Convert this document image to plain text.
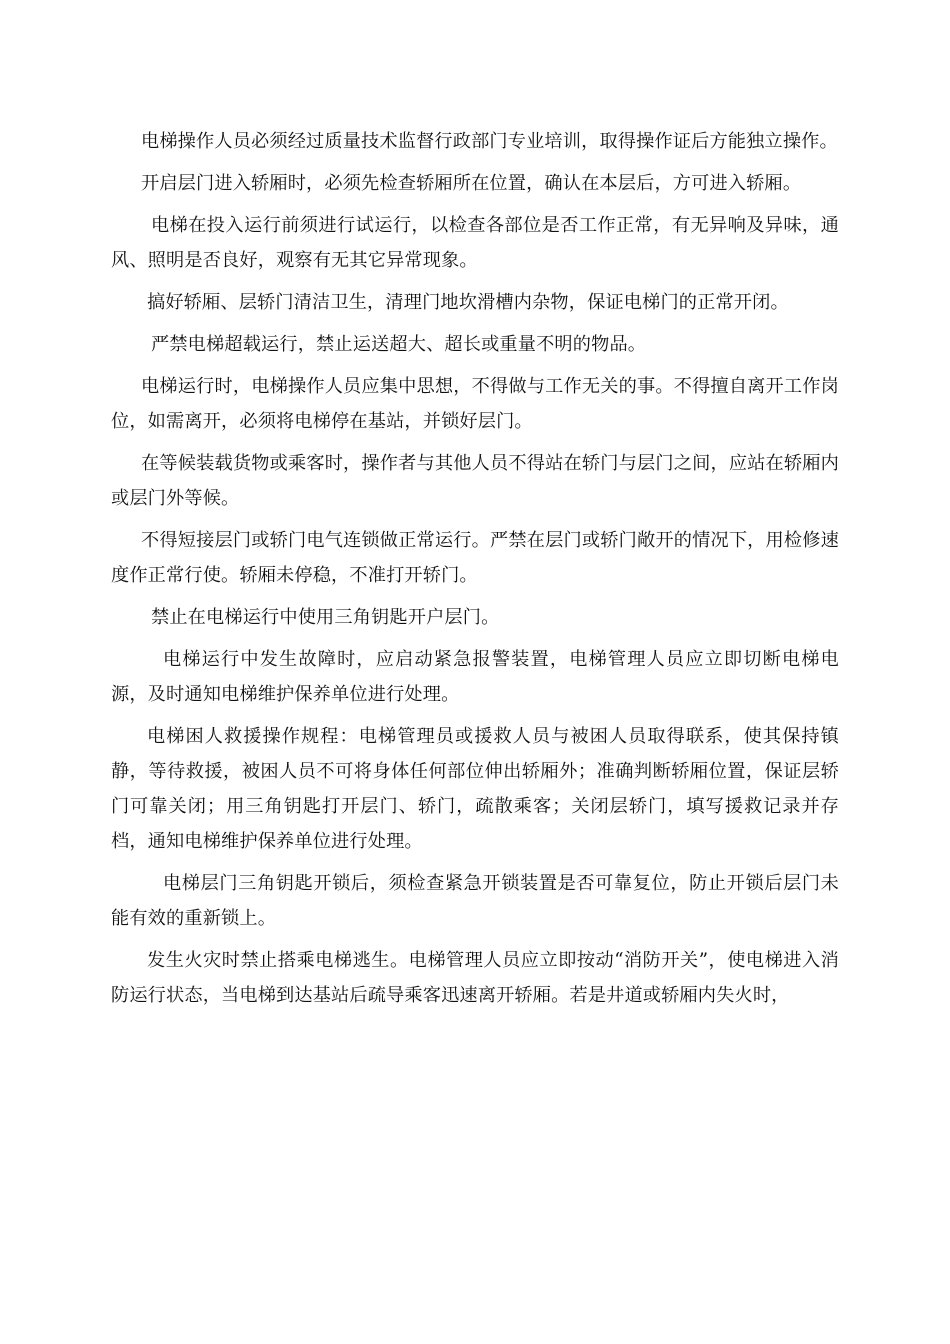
电梯操作人员必须经过质量技术监督行政部门专业培训，取得操作证后方能独立操作。

开启层门进入轿厢时，必须先检查轿厢所在位置，确认在本层后，方可进入轿厢。

电梯在投入运行前须进行试运行，以检查各部位是否工作正常，有无异响及异味，通风、照明是否良好，观察有无其它异常现象。

搞好轿厢、层轿门清洁卫生，清理门地坎滑槽内杂物，保证电梯门的正常开闭。

严禁电梯超载运行，禁止运送超大、超长或重量不明的物品。

电梯运行时，电梯操作人员应集中思想，不得做与工作无关的事。不得擅自离开工作岗位，如需离开，必须将电梯停在基站，并锁好层门。

在等候装载货物或乘客时，操作者与其他人员不得站在轿门与层门之间，应站在轿厢内或层门外等候。

不得短接层门或轿门电气连锁做正常运行。严禁在层门或轿门敞开的情况下，用检修速度作正常行使。轿厢未停稳，不准打开轿门。

禁止在电梯运行中使用三角钥匙开户层门。

电梯运行中发生故障时，应启动紧急报警装置，电梯管理人员应立即切断电梯电源，及时通知电梯维护保养单位进行处理。

电梯困人救援操作规程：电梯管理员或援救人员与被困人员取得联系，使其保持镇静，等待救援，被困人员不可将身体任何部位伸出轿厢外；准确判断轿厢位置，保证层轿门可靠关闭；用三角钥匙打开层门、轿门，疏散乘客；关闭层轿门，填写援救记录并存档，通知电梯维护保养单位进行处理。

电梯层门三角钥匙开锁后，须检查紧急开锁装置是否可靠复位，防止开锁后层门未能有效的重新锁上。

发生火灾时禁止搭乘电梯逃生。电梯管理人员应立即按动“消防开关”，使电梯进入消防运行状态，当电梯到达基站后疏导乘客迅速离开轿厢。若是井道或轿厢内失火时，
